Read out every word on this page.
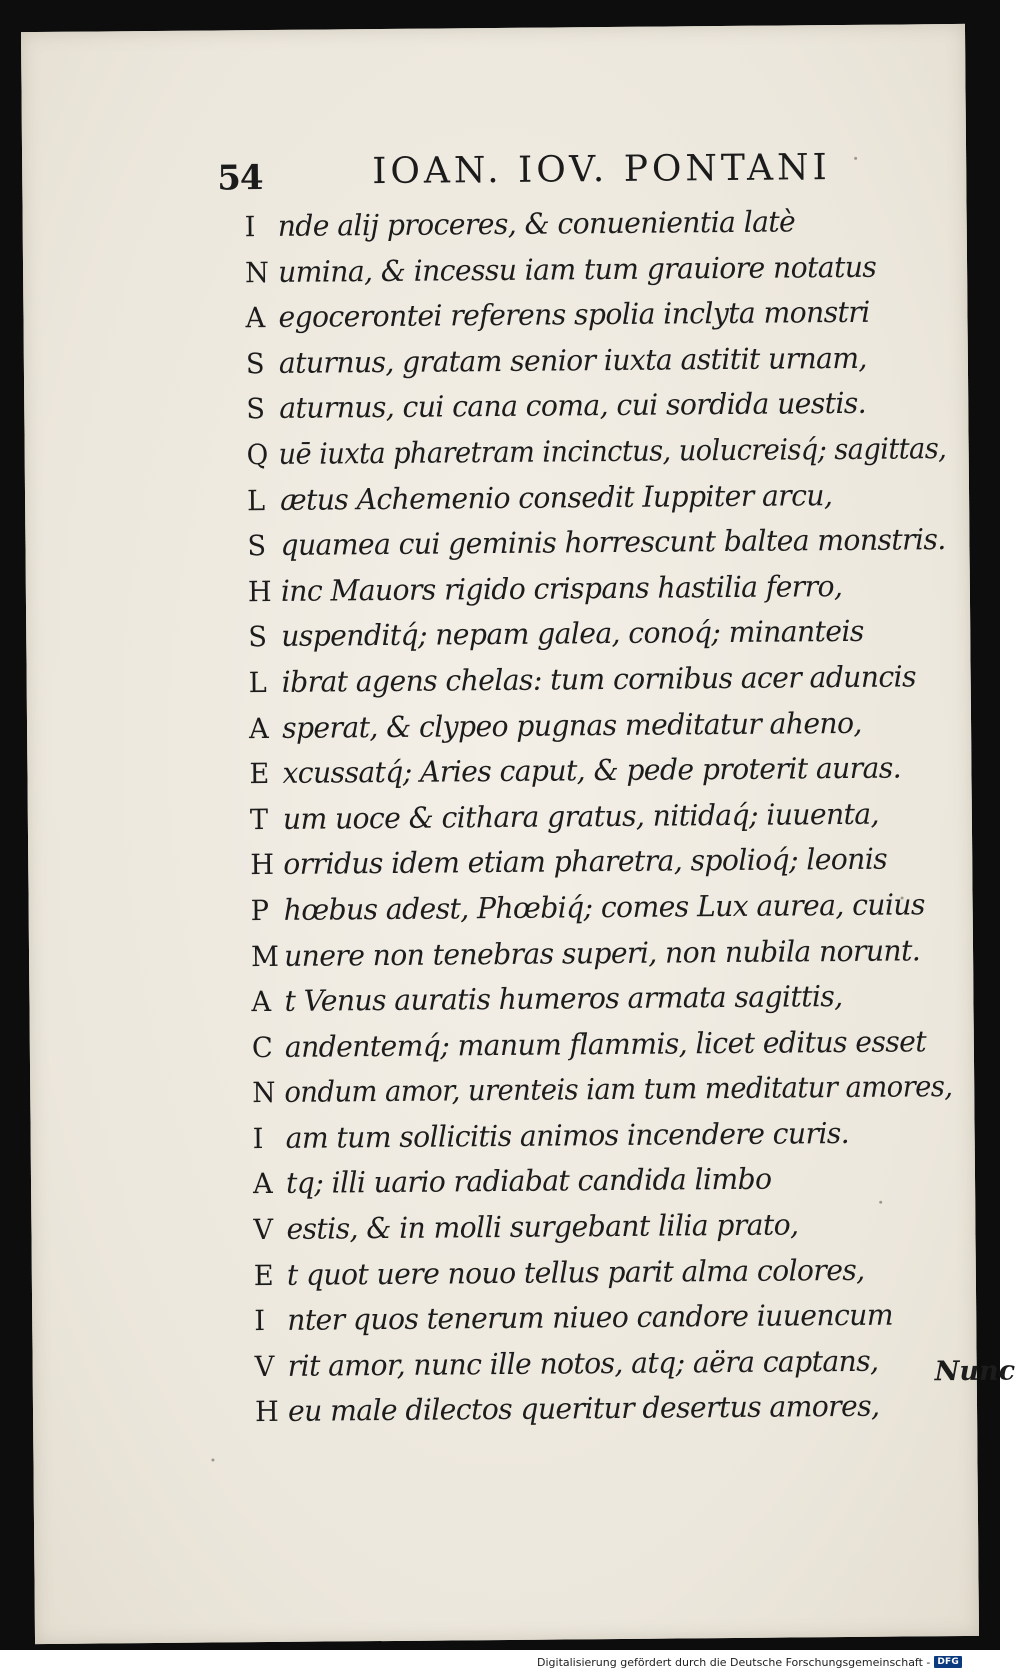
54	IOAN. IOV. PONTANI
I nde alij proceres, & conuenientia latè
N umina, & incessu iam tum grauiore notatus
A egocerontei referens spolia inclyta monstri
S aturnus, gratam senior iuxta astitit urnam,
S aturnus, cui cana coma, cui sordida uestis.
Q uē iuxta pharetram incinctus, uolucreisq́; sagittas,
L ætus Achemenio consedit Iuppiter arcu,
S quamea cui geminis horrescunt baltea monstris.
H inc Mauors rigido crispans hastilia ferro,
S uspenditq́; nepam galea, conoq́; minanteis
L ibrat agens chelas: tum cornibus acer aduncis
A sperat, & clypeo pugnas meditatur aheno,
E xcussatq́; Aries caput, & pede proterit auras.
T um uoce & cithara gratus, nitidaq́; iuuenta,
H orridus idem etiam pharetra, spolioq́; leonis
P hœbus adest, Phœbiq́; comes Lux aurea, cuius
M unere non tenebras superi, non nubila norunt.
A t Venus auratis humeros armata sagittis,
C andentemq́; manum flammis, licet editus esset
N ondum amor, urenteis iam tum meditatur amores,
I am tum sollicitis animos incendere curis.
A tq; illi uario radiabat candida limbo
V estis, & in molli surgebant lilia prato,
E t quot uere nouo tellus parit alma colores,
I nter quos tenerum niueo candore iuuencum
V rit amor, nunc ille notos, atq; aëra captans,
H eu male dilectos queritur desertus amores,
Nunc
Digitalisierung gefördert durch die Deutsche Forschungsgemeinschaft - DFG
